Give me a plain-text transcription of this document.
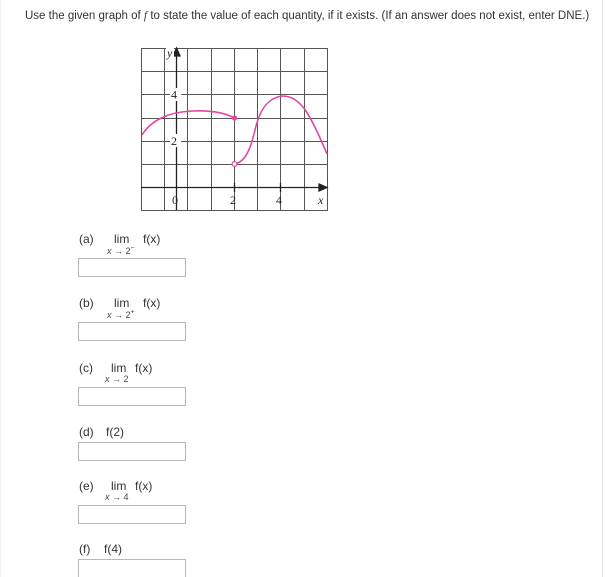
Use the given graph of f to state the value of each quantity, if it exists. (If an answer does not exist, enter DNE.)
y
4
2
0	2	4	x
(a) lim f(x)
x → 2−
(b) lim f(x)
x → 2+
(c) lim f(x)
x → 2
(d) f(2)
(e) lim f(x)
x → 4
(f) f(4)
